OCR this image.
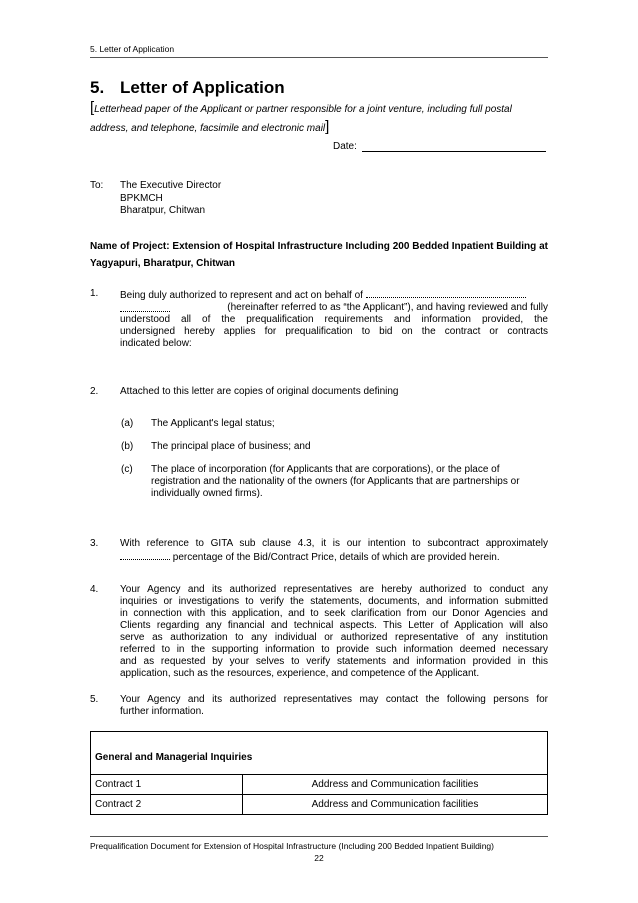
5. Letter of Application
5. Letter of Application
[Letterhead paper of the Applicant or partner responsible for a joint venture, including full postal
address, and telephone, facsimile and electronic mail]
Date:
To: The Executive Director
BPKMCH
Bharatpur, Chitwan
Name of Project: Extension of Hospital Infrastructure Including 200 Bedded Inpatient Building at Yagyapuri, Bharatpur, Chitwan
1. Being duly authorized to represent and act on behalf of
(hereinafter referred to as “the Applicant”), and having reviewed and fully
understood all of the prequalification requirements and information provided, the
undersigned hereby applies for prequalification to bid on the contract or contracts
indicated below:
2. Attached to this letter are copies of original documents defining
(a) The Applicant's legal status;
(b) The principal place of business; and
(c) The place of incorporation (for Applicants that are corporations), or the place of
registration and the nationality of the owners (for Applicants that are partnerships or
individually owned firms).
3. With reference to GITA sub clause 4.3, it is our intention to subcontract approximately
percentage of the Bid/Contract Price, details of which are provided herein.
4. Your Agency and its authorized representatives are hereby authorized to conduct any
inquiries or investigations to verify the statements, documents, and information submitted
in connection with this application, and to seek clarification from our Donor Agencies and
Clients regarding any financial and technical aspects. This Letter of Application will also
serve as authorization to any individual or authorized representative of any institution
referred to in the supporting information to provide such information deemed necessary
and as requested by your selves to verify statements and information provided in this
application, such as the resources, experience, and competence of the Applicant.
5. Your Agency and its authorized representatives may contact the following persons for
further information.
General and Managerial Inquiries	
Contract 1	Address and Communication facilities
Contract 2	Address and Communication facilities
Prequalification Document for Extension of Hospital Infrastructure (Including 200 Bedded Inpatient Building)
22
